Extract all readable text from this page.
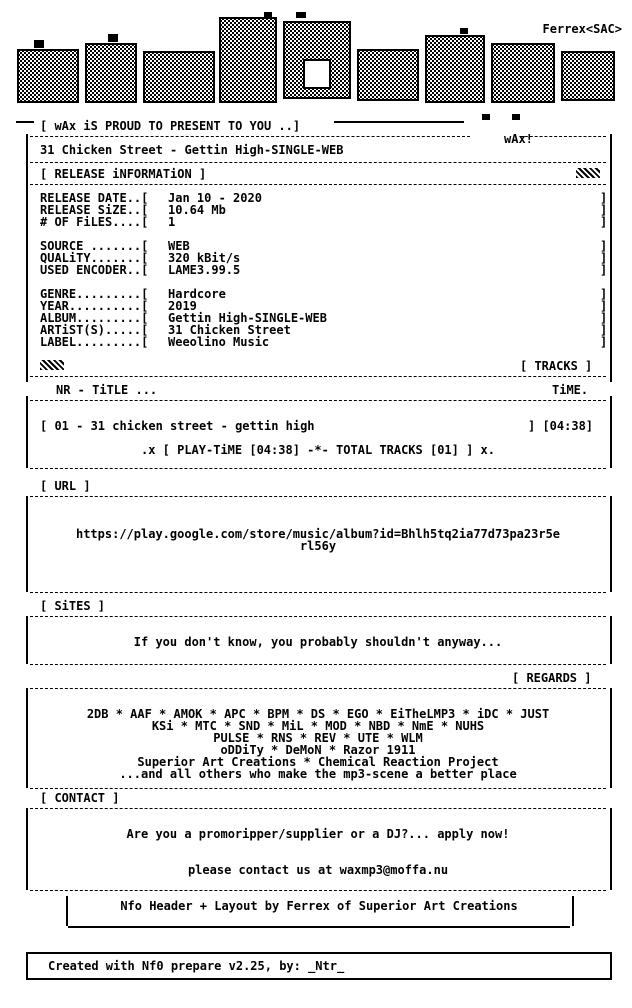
Ferrex<SAC>
[ wAx iS PROUD TO PRESENT TO YOU ..]
wAx!
31 Chicken Street - Gettin High-SINGLE-WEB
[ RELEASE iNFORMATiON ]
RELEASE DATE..[ Jan 10 - 2020	]
RELEASE SiZE..[ 10.64 Mb	]
# OF FiLES....[ 1	]
SOURCE .......[ WEB	]
QUALiTY.......[ 320 kBit/s	]
USED ENCODER..[ LAME3.99.5	]
GENRE.........[ Hardcore	]
YEAR..........[ 2019	]
ALBUM.........[ Gettin High-SINGLE-WEB	]
ARTiST(S).....[ 31 Chicken Street	]
LABEL.........[ Weeolino Music	]
[ TRACKS ]
NR - TiTLE ...	TiME.
[ 01 - 31 chicken street - gettin high	] [04:38]
.x [ PLAY-TiME [04:38] -*- TOTAL TRACKS [01] ] x.
[ URL ]
https://play.google.com/store/music/album?id=Bhlh5tq2ia77d73pa23r5e
rl56y
[ SiTES ]
If you don't know, you probably shouldn't anyway...
[ REGARDS ]
2DB * AAF * AMOK * APC * BPM * DS * EGO * EiTheLMP3 * iDC * JUST
KSi * MTC * SND * MiL * MOD * NBD * NmE * NUHS
PULSE * RNS * REV * UTE * WLM
oDDiTy * DeMoN * Razor 1911
Superior Art Creations * Chemical Reaction Project
...and all others who make the mp3-scene a better place
[ CONTACT ]
Are you a promoripper/supplier or a DJ?... apply now!
please contact us at waxmp3@moffa.nu
Nfo Header + Layout by Ferrex of Superior Art Creations
Created with Nf0 prepare v2.25, by: _Ntr_
